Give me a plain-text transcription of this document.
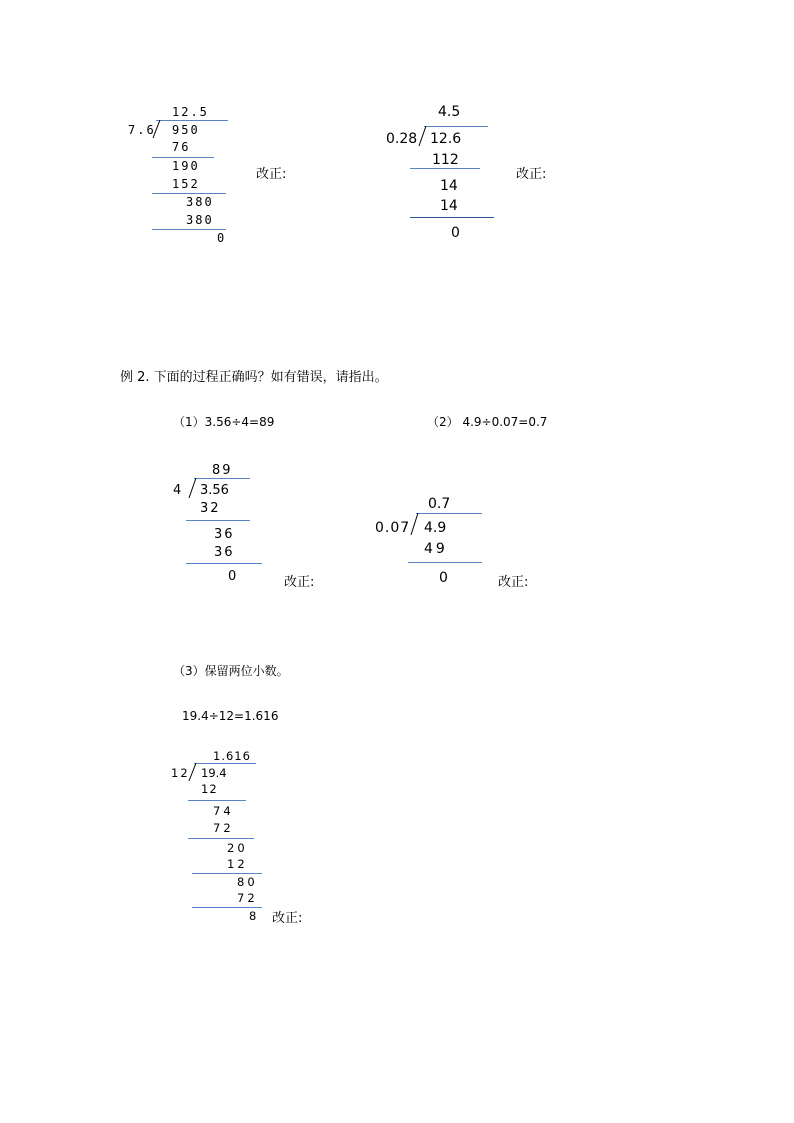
12.5
7.6 950
76
190
152
380
380
0
改正:
4.5
0.28 12.6
112
14
14
0
改正:
例 2. 下面的过程正确吗？如有错误，请指出。
（1）3.56÷4=89	（2） 4.9÷0.07=0.7
89
4 3.56
32
36
36
0	改正:
0.7
0.07 4.9
49
0	改正:
（3）保留两位小数。
19.4÷12=1.616
1.616
12 19.4
12
74
72
20
12
80
72
8 改正:
